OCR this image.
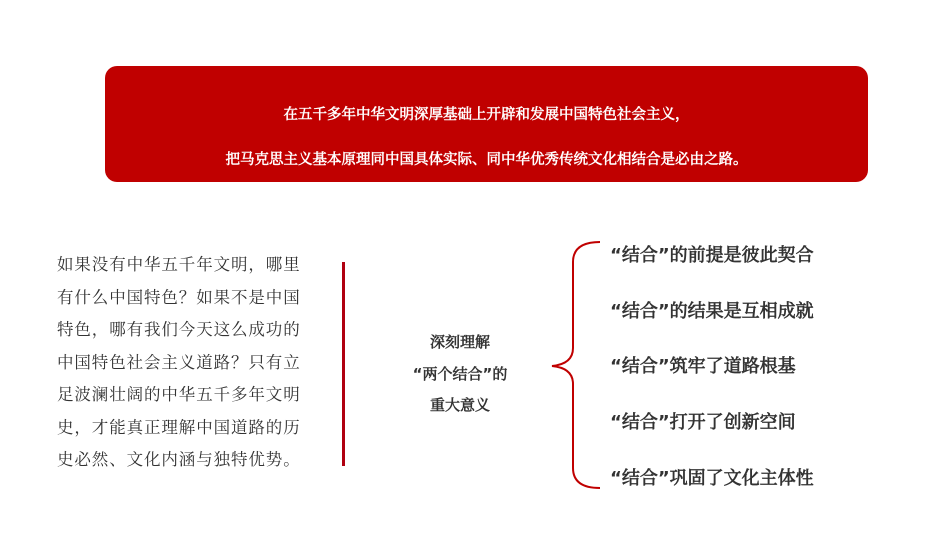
在五千多年中华文明深厚基础上开辟和发展中国特色社会主义，
把马克思主义基本原理同中国具体实际、同中华优秀传统文化相结合是必由之路。
如果没有中华五千年文明，哪里
有什么中国特色？如果不是中国
特色，哪有我们今天这么成功的
中国特色社会主义道路？只有立
足波澜壮阔的中华五千多年文明
史，才能真正理解中国道路的历
史必然、文化内涵与独特优势。
深刻理解
“两个结合”的
重大意义
“结合”的前提是彼此契合
“结合”的结果是互相成就
“结合”筑牢了道路根基
“结合”打开了创新空间
“结合”巩固了文化主体性
